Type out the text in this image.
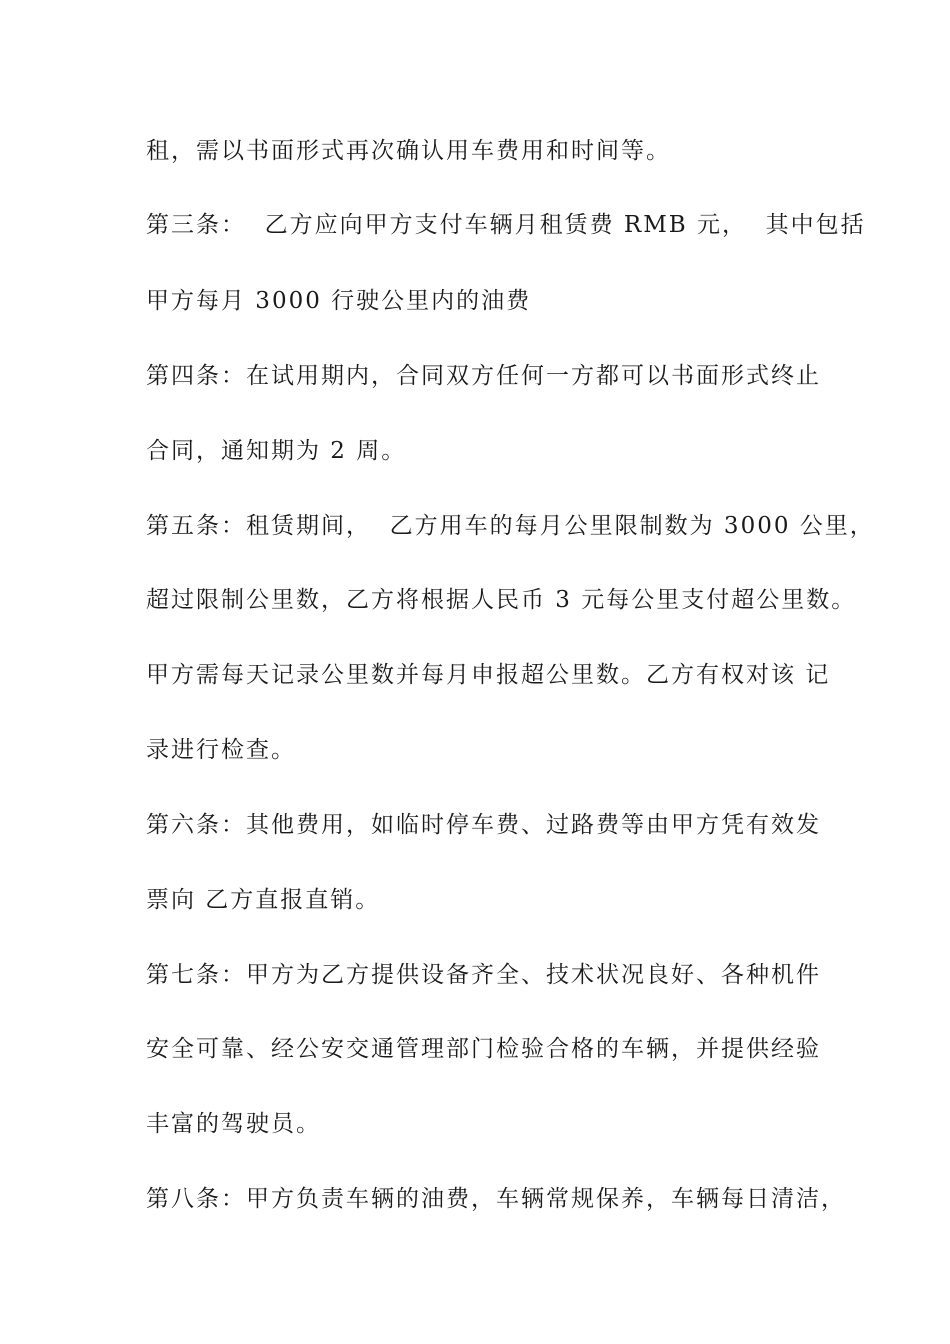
租，需以书面形式再次确认用车费用和时间等。
第三条：  乙方应向甲方支付车辆月租赁费 RMB 元，  其中包括
甲方每月 3000 行驶公里内的油费
第四条：在试用期内，合同双方任何一方都可以书面形式终止
合同，通知期为 2 周。
第五条：租赁期间，  乙方用车的每月公里限制数为 3000 公里，
超过限制公里数，乙方将根据人民币 3 元每公里支付超公里数。
甲方需每天记录公里数并每月申报超公里数。乙方有权对该 记
录进行检查。
第六条：其他费用，如临时停车费、过路费等由甲方凭有效发
票向 乙方直报直销。
第七条：甲方为乙方提供设备齐全、技术状况良好、各种机件
安全可靠、经公安交通管理部门检验合格的车辆，并提供经验
丰富的驾驶员。
第八条：甲方负责车辆的油费，车辆常规保养，车辆每日清洁，
